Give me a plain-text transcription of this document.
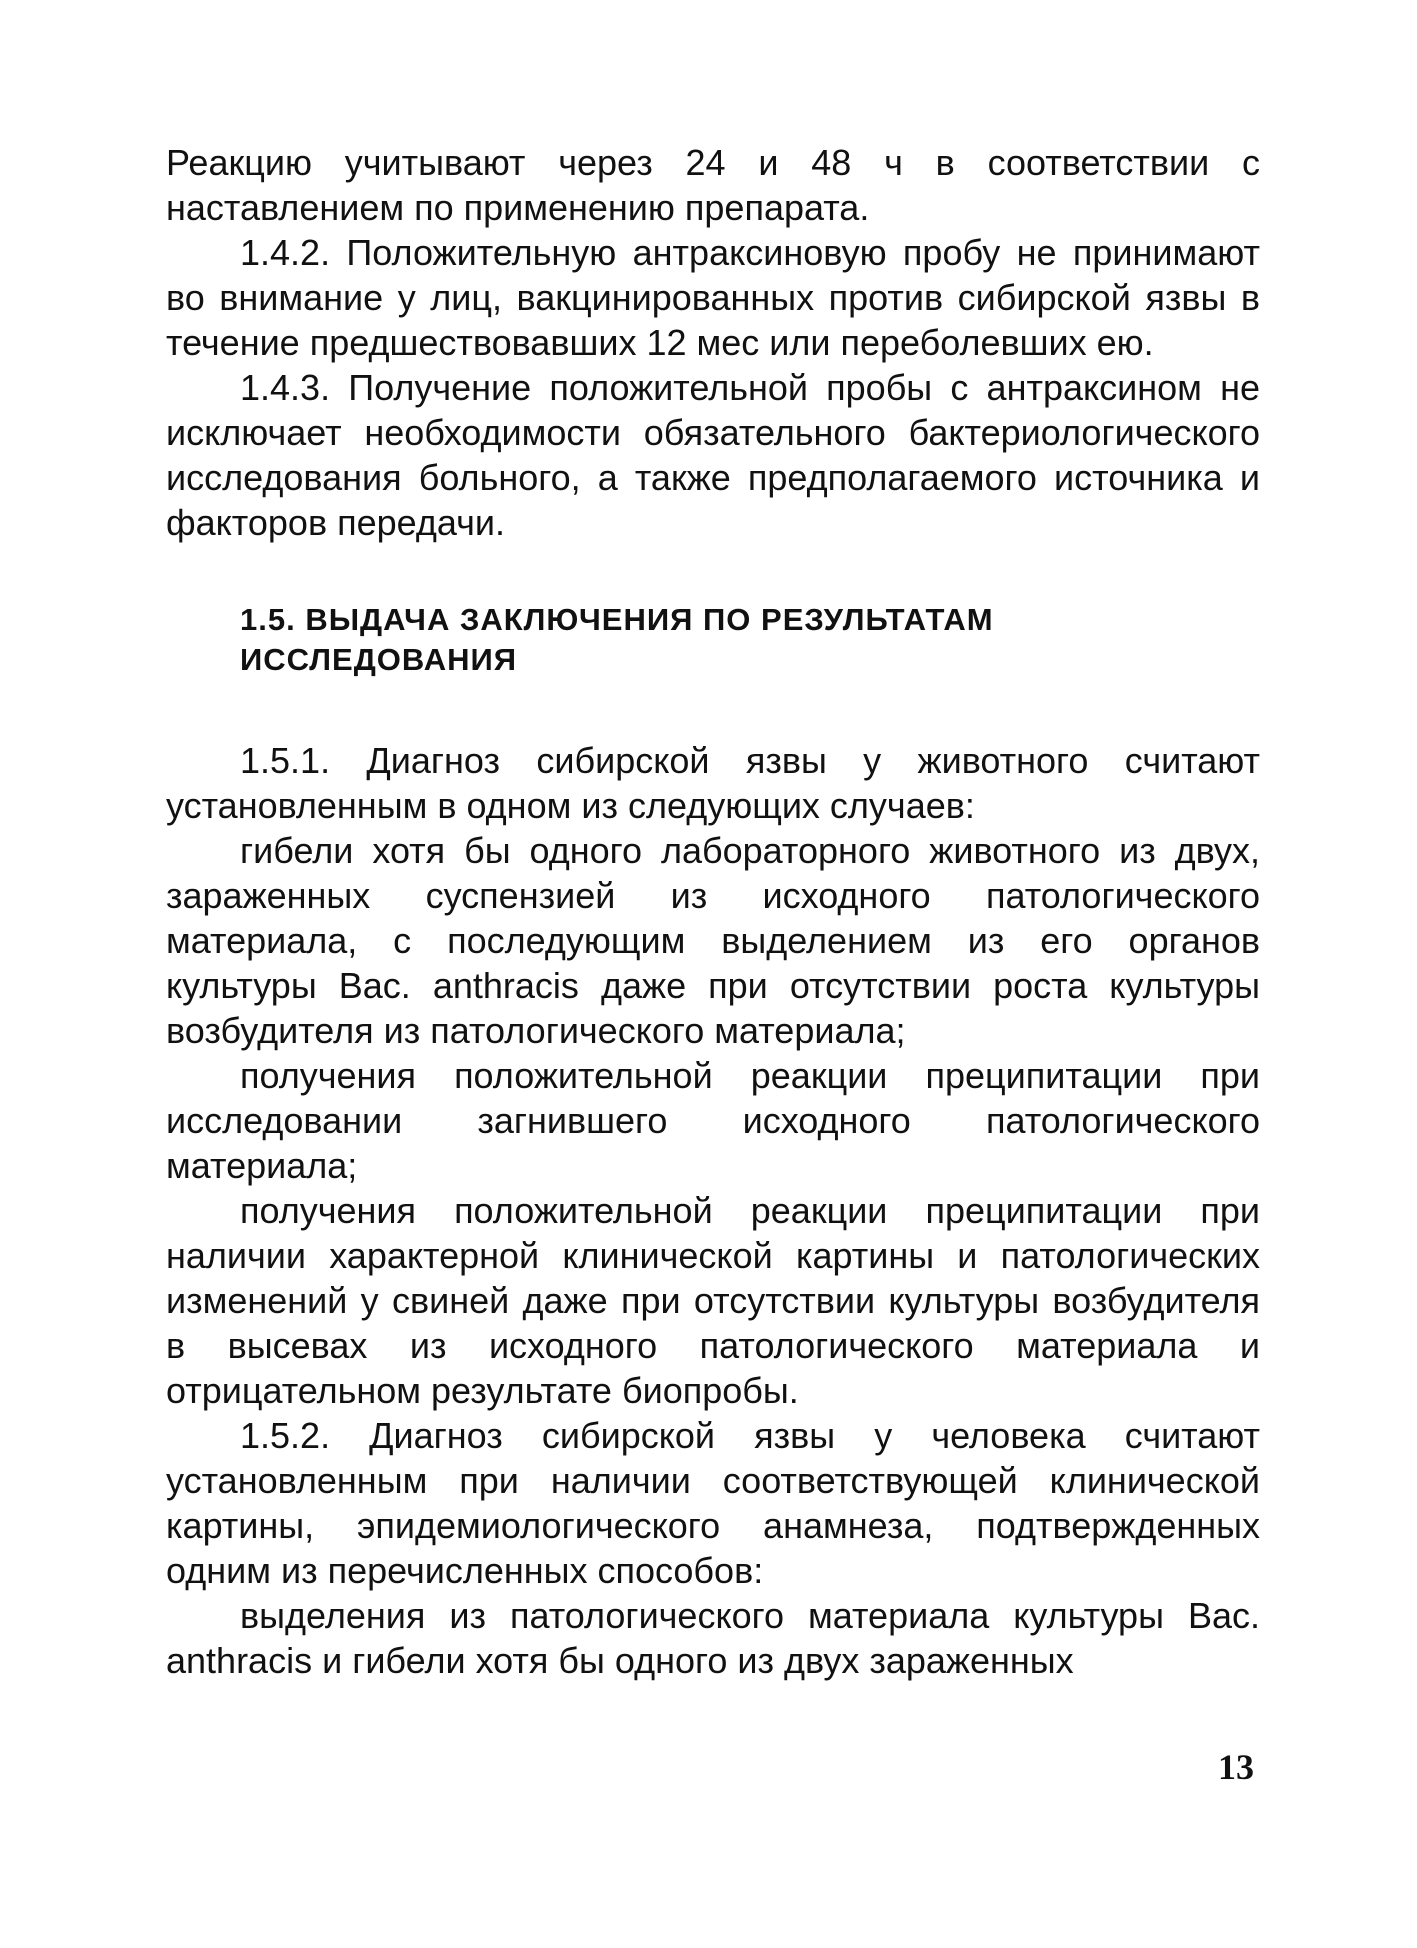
Реакцию учитывают через 24 и 48 ч в соответствии с наставлением по применению препарата.

1.4.2. Положительную антраксиновую пробу не принимают во внимание у лиц, вакцинированных против сибирской язвы в течение предшествовавших 12 мес или переболевших ею.

1.4.3. Получение положительной пробы с антраксином не исключает необходимости обязательного бактериологического исследования больного, а также предполагаемого источника и факторов передачи.

1.5. ВЫДАЧА ЗАКЛЮЧЕНИЯ ПО РЕЗУЛЬТАТАМ
ИССЛЕДОВАНИЯ

1.5.1. Диагноз сибирской язвы у животного считают установленным в одном из следующих случаев:

гибели хотя бы одного лабораторного животного из двух, зараженных суспензией из исходного патологического материала, с последующим выделением из его органов культуры Bac. anthracis даже при отсутствии роста культуры возбудителя из патологического материала;

получения положительной реакции преципитации при исследовании загнившего исходного патологического материала;

получения положительной реакции преципитации при наличии характерной клинической картины и патологических изменений у свиней даже при отсутствии культуры возбудителя в высевах из исходного патологического материала и отрицательном результате биопробы.

1.5.2. Диагноз сибирской язвы у человека считают установленным при наличии соответствующей клинической картины, эпидемиологического анамнеза, подтвержденных одним из перечисленных способов:

выделения из патологического материала культуры Bac. anthracis и гибели хотя бы одного из двух зараженных

13
